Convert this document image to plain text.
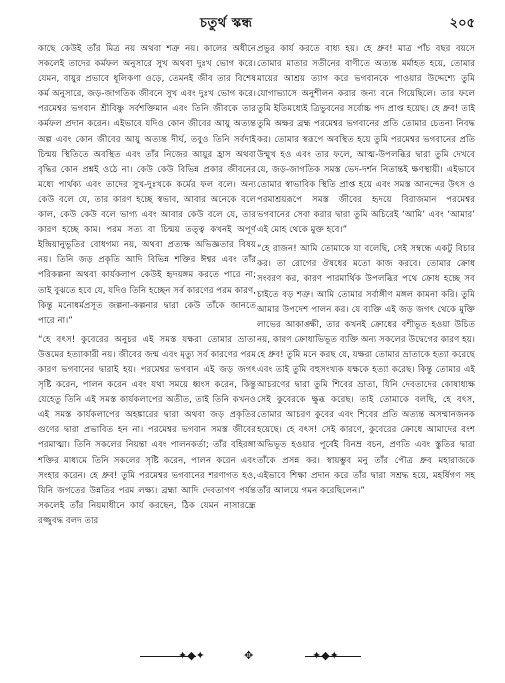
চতুর্থ স্কন্ধ	২০৫

কাছে কেউই তাঁর মিত্র নয় অথবা শত্রু নয়। কালের অধীনে সকলেই তাদের কর্মফল অনুসারে সুখ অথবা দুঃখ ভোগ করে। যেমন, বায়ুর প্রভাবে ধূলিকণা ওড়ে, তেমনই জীব তার বিশেষ কর্ম অনুসারে, জড়-জাগতিক জীবনে সুখ এবং দুঃখ ভোগ করে। পরমেশ্বর ভগবান শ্রীবিষ্ণু সর্বশক্তিমান এবং তিনি জীবকে তার কর্মফল প্রদান করেন। এইভাবে যদিও কোন জীবের আয়ু অত্যন্ত অল্প এবং কোন জীবের আয়ু অত্যন্ত দীর্ঘ, তবুও তিনি সর্বদাই চিন্ময় স্থিতিতে অবস্থিত এবং তাঁর নিজের আয়ুর হ্রাস অথবা বৃদ্ধির কোন প্রশ্নই ওঠে না। কেউ কেউ বিভিন্ন প্রকার জীবনের মধ্যে পার্থক্য এবং তাদের সুখ-দুঃখকে কর্মের ফল বলে। অন্য কেউ বলে যে, তার কারণ হচ্ছে স্বভাব, আবার অনেকে বলে কাল, কেউ কেউ বলে ভাগ্য এবং আবার কেউ বলে যে, তার কারণ হচ্ছে কাম। পরম সত্য বা চিন্ময় তত্ত্ব কখনই অপূর্ণ ইন্দ্রিয়ানুভূতির বোধগম্য নয়, অথবা প্রত্যক্ষ অভিজ্ঞতার বিষয় নয়। তিনি জড় প্রকৃতি আদি বিভিন্ন শক্তির ঈশ্বর এবং তাঁর পরিকল্পনা অথবা কার্যকলাপ কেউই হৃদয়ঙ্গম করতে পারে না; তাই বুঝতে হবে যে, যদিও তিনি হচ্ছেন সর্ব কারণের পরম কারণ, কিন্তু মনোধর্মপ্রসূত জল্পনা-কল্পনার দ্বারা কেউ তাঁকে জানতে পারে না।”

“হে বৎস! কুবেরের অনুচর এই সমস্ত যক্ষরা তোমার ভ্রাতা উত্তমের হত্যাকারী নয়। জীবের জন্ম এবং মৃত্যু সর্ব কারণের পরম কারণ ভগবানের দ্বারাই হয়। পরমেশ্বর ভগবান এই জড় জগৎ সৃষ্টি করেন, পালন করেন এবং যথা সময়ে ধ্বংস করেন, কিন্তু যেহেতু তিনি এই সমস্ত কার্যকলাপের অতীত, তাই তিনি কখনও এই সমস্ত কার্যকলাপের অহঙ্কারের দ্বারা অথবা জড় প্রকৃতির গুণের দ্বারা প্রভাবিত হন না। পরমেশ্বর ভগবান সমস্ত জীবের পরমাত্মা। তিনি সকলের নিয়ন্তা এবং পালনকর্তা; তাঁর বহিরঙ্গা শক্তির মাধ্যমে তিনি সকলের সৃষ্টি করেন, পালন করেন এবং সংহার করেন। হে ধ্রুব! তুমি পরমেশ্বর ভগবানের শরণাগত হও, যিনি জগতের উন্নতির পরম লক্ষ্য। ব্রহ্মা আদি দেবতাগণ পর্যন্ত সকলেই তাঁর নিয়মাধীনে কার্য করছেন, ঠিক যেমন নাসারন্ধ্রে রজ্জুবদ্ধ বলদ তার

প্রভুর কার্য করতে বাধ্য হয়। হে ধ্রুব! মাত্র পাঁচ বছর বয়সে তোমার মাতার সতীনের বাণীতে অত্যন্ত মর্মাহত হয়ে, তোমার মায়ের আশ্রয় ত্যাগ করে ভগবানকে পাওয়ার উদ্দেশ্যে তুমি যোগাভ্যাসে অনুশীলন করার জন্য বনে গিয়েছিলে। তার ফলে তুমি ইতিমধ্যেই ত্রিভুবনের সর্বোচ্চ পদ প্রাপ্ত হয়েছ। হে ধ্রুব! তাই তুমি অক্ষর ব্রহ্ম পরমেশ্বর ভগবানের প্রতি তোমার চেতনা নিবদ্ধ কর। তোমার স্বরূপে অবস্থিত হয়ে তুমি পরমেশ্বর ভগবানের প্রতি উন্মুখ হও এবং তার ফলে, আত্ম-উপলব্ধির দ্বারা তুমি দেখবে যে, জড়-জাগতিক সমস্ত ভেদ-দর্শন নিতান্তই ক্ষণস্থায়ী। এইভাবে তোমার স্বাভাবিক স্থিতি প্রাপ্ত হয়ে এবং সমস্ত আনন্দের উৎস ও পরমাশ্রয়রূপে সমস্ত জীবের হৃদয়ে বিরাজমান পরমেশ্বর ভগবানের সেবা করার দ্বারা তুমি অচিরেই ‘আমি’ এবং ‘আমার’ এই মোহ থেকে মুক্ত হবে।”

“হে রাজন! আমি তোমাকে যা বলেছি, সেই সম্বন্ধে একটু বিচার কর। তা রোগের ঔষধের মতো কাজ করবে। তোমার ক্রোধ সংবরণ কর, কারণ পারমার্থিক উপলব্ধির পথে ক্রোধ হচ্ছে সব চাইতে বড় শত্রু। আমি তোমার সর্বাঙ্গীণ মঙ্গল কামনা করি। তুমি আমার উপদেশ পালন কর। যে ব্যক্তি এই জড় জগৎ থেকে মুক্তি লাভের আকাঙ্ক্ষী, তার কখনই ক্রোধের বশীভূত হওয়া উচিত নয়, কারণ ক্রোধাভিভূত ব্যক্তি অন্য সকলের উদ্বেগের কারণ হয়। হে ধ্রুব! তুমি মনে করছ যে, যক্ষরা তোমার ভ্রাতাকে হত্যা করেছে এবং তাই তুমি বহুসংখ্যক যক্ষকে হত্যা করেছ। কিন্তু তোমার এই আচরণের দ্বারা তুমি শিবের ভ্রাতা, যিনি দেবতাদের কোষাধ্যক্ষ সেই কুবেরকে ক্ষুব্ধ করেছ। তাই তোমাকে বলছি, হে বৎস, তোমার আচরণ কুবের এবং শিবের প্রতি অত্যন্ত অসম্মানজনক হয়েছে। হে বৎস! সেই কারণে, কুবেরের ক্রোধে আমাদের বংশ অভিভূত হওয়ার পূর্বেই বিনম্র বচন, প্রণতি এবং স্তুতির দ্বারা তাঁকে প্রসন্ন কর। স্বায়ম্ভুব মনু তাঁর পৌত্র ধ্রুব মহারাজকে এইভাবে শিক্ষা প্রদান করে তাঁর দ্বারা সশ্রদ্ধ হয়ে, মহর্ষিগণ সহ তাঁর আলয়ে গমন করেছিলেন।”

✦◆✦	✥	✦◆✦
